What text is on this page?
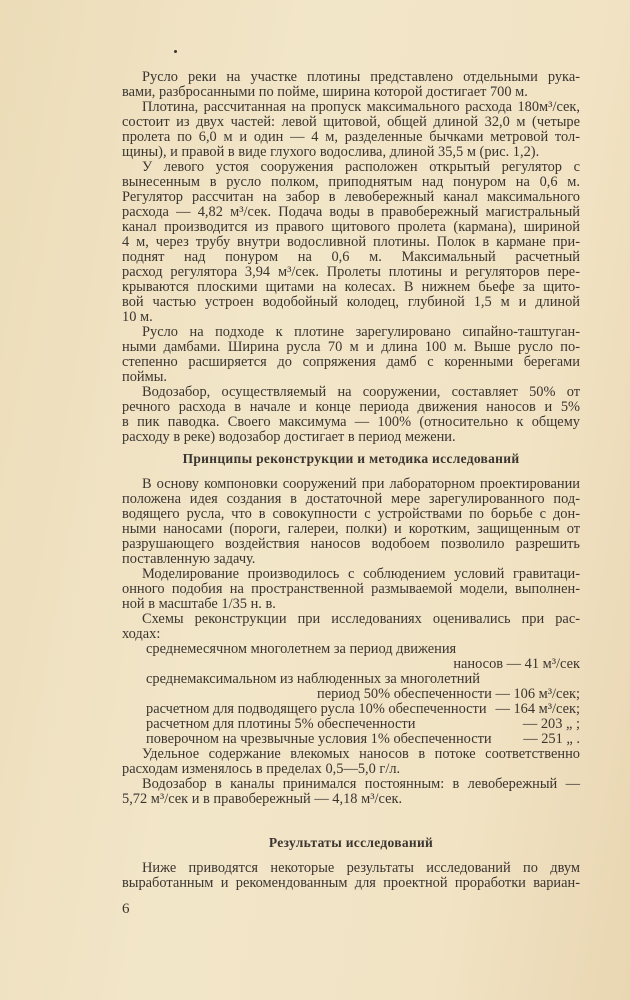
Русло реки на участке плотины представлено отдельными рука-
вами, разбросанными по пойме, ширина которой достигает 700 м.
Плотина, рассчитанная на пропуск максимального расхода 180м³/сек,
состоит из двух частей: левой щитовой, общей длиной 32,0 м (четыре
пролета по 6,0 м и один — 4 м, разделенные бычками метровой тол-
щины), и правой в виде глухого водослива, длиной 35,5 м (рис. 1,2).
У левого устоя сооружения расположен открытый регулятор с
вынесенным в русло полком, приподнятым над понуром на 0,6 м.
Регулятор рассчитан на забор в левобережный канал максимального
расхода — 4,82 м³/сек. Подача воды в правобережный магистральный
канал производится из правого щитового пролета (кармана), шириной
4 м, через трубу внутри водосливной плотины. Полок в кармане при-
поднят над понуром на 0,6 м. Максимальный расчетный
расход регулятора 3,94 м³/сек. Пролеты плотины и регуляторов пере-
крываются плоскими щитами на колесах. В нижнем бьефе за щито-
вой частью устроен водобойный колодец, глубиной 1,5 м и длиной
10 м.
Русло на подходе к плотине зарегулировано сипайно-таштуган-
ными дамбами. Ширина русла 70 м и длина 100 м. Выше русло по-
степенно расширяется до сопряжения дамб с коренными берегами
поймы.
Водозабор, осуществляемый на сооружении, составляет 50% от
речного расхода в начале и конце периода движения наносов и 5%
в пик паводка. Своего максимума — 100% (относительно к общему
расходу в реке) водозабор достигает в период межени.
Принципы реконструкции и методика исследований
В основу компоновки сооружений при лабораторном проектировании
положена идея создания в достаточной мере зарегулированного под-
водящего русла, что в совокупности с устройствами по борьбе с дон-
ными наносами (пороги, галереи, полки) и коротким, защищенным от
разрушающего воздействия наносов водобоем позволило разрешить
поставленную задачу.
Моделирование производилось с соблюдением условий гравитаци-
онного подобия на пространственной размываемой модели, выполнен-
ной в масштабе 1/35 н. в.
Схемы реконструкции при исследованиях оценивались при рас-
ходах:
среднемесячном многолетнем за период движения
наносов — 41 м³/сек
среднемаксимальном из наблюденных за многолетний
период 50% обеспеченности — 106 м³/сек;
расчетном для подводящего русла 10% обеспеченности — 164 м³/сек;
расчетном для плотины 5% обеспеченности	— 203 „ ;
поверочном на чрезвычные условия 1% обеспеченности — 251 „ .
Удельное содержание влекомых наносов в потоке соответственно
расходам изменялось в пределах 0,5—5,0 г/л.
Водозабор в каналы принимался постоянным: в левобережный —
5,72 м³/сек и в правобережный — 4,18 м³/сек.
Результаты исследований
Ниже приводятся некоторые результаты исследований по двум
выработанным и рекомендованным для проектной проработки вариан-
6
